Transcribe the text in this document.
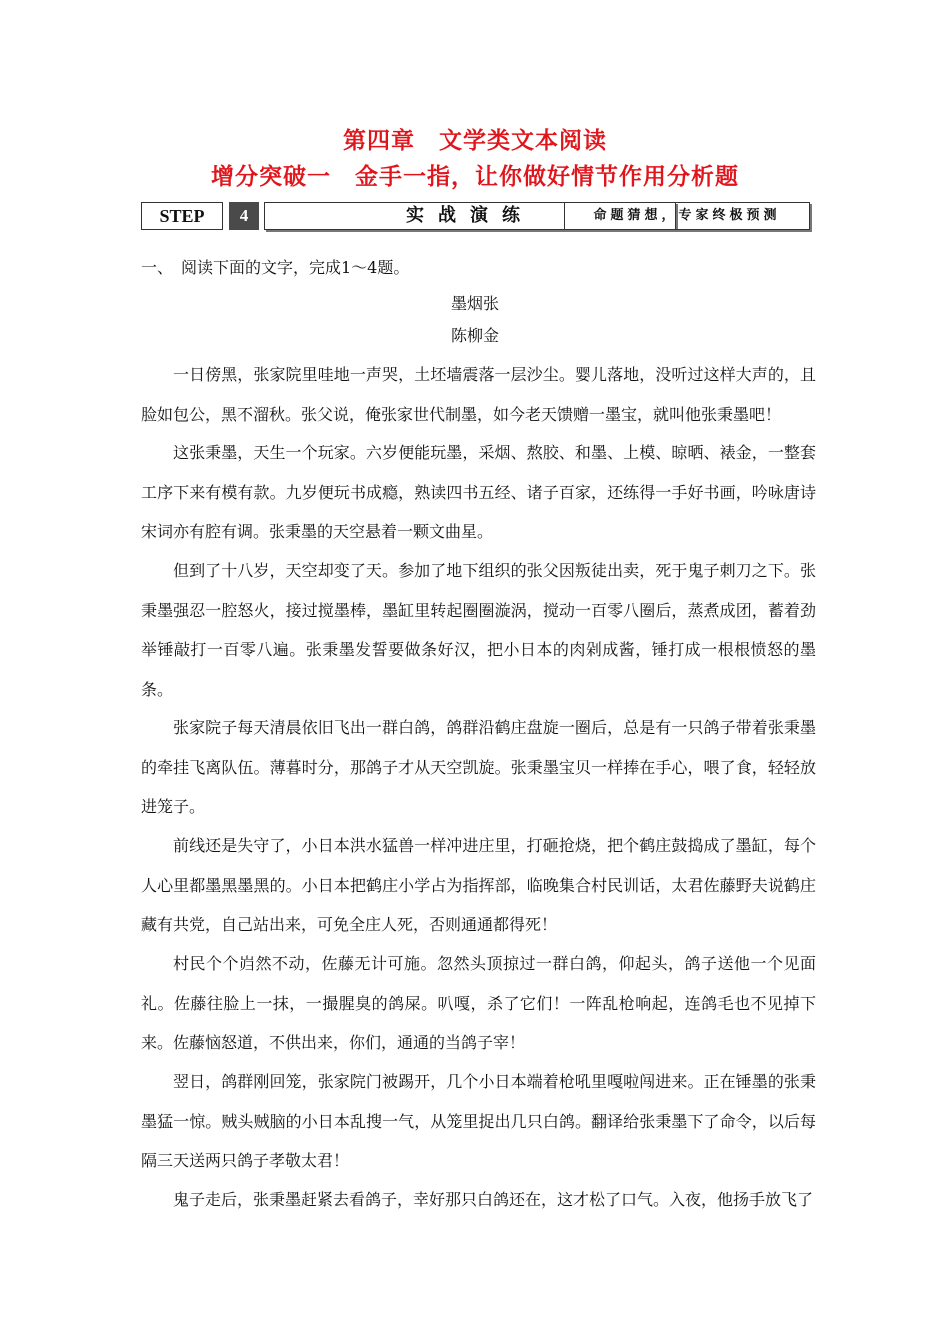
第四章　文学类文本阅读
增分突破一　金手一指，让你做好情节作用分析题
STEP	4	实战演练	命题猜想，专家终极预测
一、　阅读下面的文字，完成1～4题。
墨烟张
陈柳金

一日傍黑，张家院里哇地一声哭，土坯墙震落一层沙尘。婴儿落地，没听过这样大声的，且脸如包公，黑不溜秋。张父说，俺张家世代制墨，如今老天馈赠一墨宝，就叫他张秉墨吧！

这张秉墨，天生一个玩家。六岁便能玩墨，采烟、熬胶、和墨、上模、晾晒、裱金，一整套工序下来有模有款。九岁便玩书成瘾，熟读四书五经、诸子百家，还练得一手好书画，吟咏唐诗宋词亦有腔有调。张秉墨的天空悬着一颗文曲星。

但到了十八岁，天空却变了天。参加了地下组织的张父因叛徒出卖，死于鬼子刺刀之下。张秉墨强忍一腔怒火，接过搅墨棒，墨缸里转起圈圈漩涡，搅动一百零八圈后，蒸煮成团，蓄着劲举锤敲打一百零八遍。张秉墨发誓要做条好汉，把小日本的肉剁成酱，锤打成一根根愤怒的墨条。

张家院子每天清晨依旧飞出一群白鸽，鸽群沿鹤庄盘旋一圈后，总是有一只鸽子带着张秉墨的牵挂飞离队伍。薄暮时分，那鸽子才从天空凯旋。张秉墨宝贝一样捧在手心，喂了食，轻轻放进笼子。

前线还是失守了，小日本洪水猛兽一样冲进庄里，打砸抢烧，把个鹤庄鼓捣成了墨缸，每个人心里都墨黑墨黑的。小日本把鹤庄小学占为指挥部，临晚集合村民训话，太君佐藤野夫说鹤庄藏有共党，自己站出来，可免全庄人死，否则通通都得死！

村民个个岿然不动，佐藤无计可施。忽然头顶掠过一群白鸽，仰起头，鸽子送他一个见面礼。佐藤往脸上一抹，一撮腥臭的鸽屎。叭嘎，杀了它们！一阵乱枪响起，连鸽毛也不见掉下来。佐藤恼怒道，不供出来，你们，通通的当鸽子宰！

翌日，鸽群刚回笼，张家院门被踢开，几个小日本端着枪吼里嘎啦闯进来。正在锤墨的张秉墨猛一惊。贼头贼脑的小日本乱搜一气，从笼里捉出几只白鸽。翻译给张秉墨下了命令，以后每隔三天送两只鸽子孝敬太君！

鬼子走后，张秉墨赶紧去看鸽子，幸好那只白鸽还在，这才松了口气。入夜，他扬手放飞了
